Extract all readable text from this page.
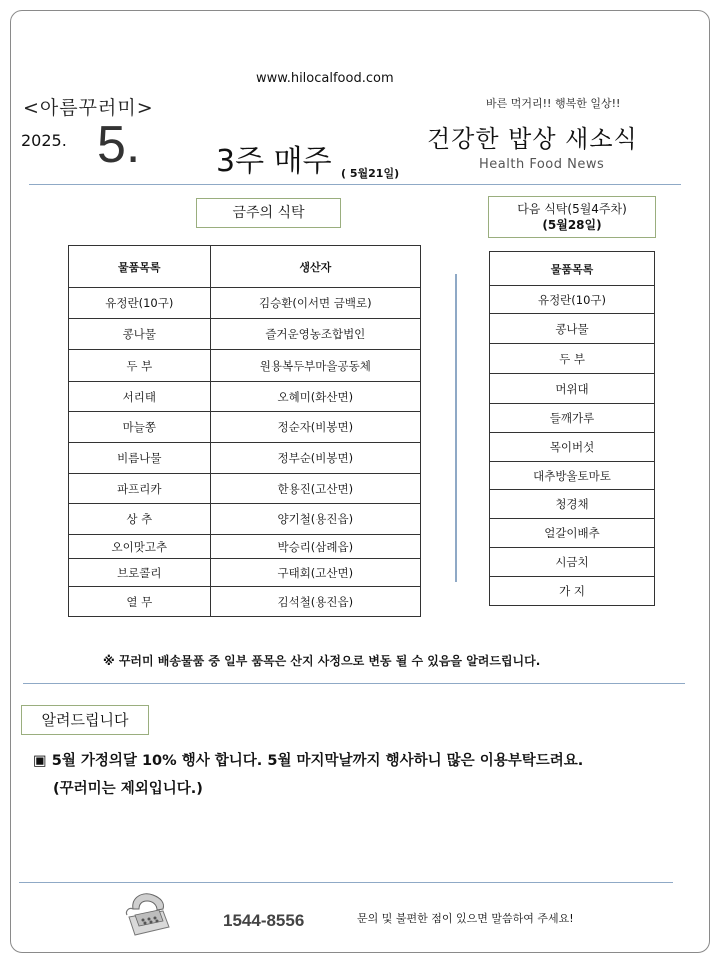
www.hilocalfood.com
<아름꾸러미>
2025. 5.	3주 매주 ( 5월21일)
바른 먹거리!! 행복한 일상!!
건강한 밥상 새소식
Health Food News
금주의 식탁	다음 식탁(5월4주차)
(5월28일)
물품목록	생산자
유정란(10구)	김승환(이서면 금백로)
콩나물	즐거운영농조합법인
두 부	원용복두부마을공동체
서리태	오혜미(화산면)
마늘쫑	정순자(비봉면)
비름나물	정부순(비봉면)
파프리카	한용진(고산면)
상 추	양기철(용진읍)
오이맛고추	박승리(삼례읍)
브로콜리	구태회(고산면)
열 무	김석철(용진읍)
물품목록
유정란(10구)
콩나물
두 부
머위대
들깨가루
목이버섯
대추방울토마토
청경채
얼갈이배추
시금치
가 지
※ 꾸러미 배송물품 중 일부 품목은 산지 사정으로 변동 될 수 있음을 알려드립니다.
알려드립니다
▣ 5월 가정의달 10% 행사 합니다. 5월 마지막날까지 행사하니 많은 이용부탁드려요.
(꾸러미는 제외입니다.)
1544-8556	문의 및 불편한 점이 있으면 말씀하여 주세요!
